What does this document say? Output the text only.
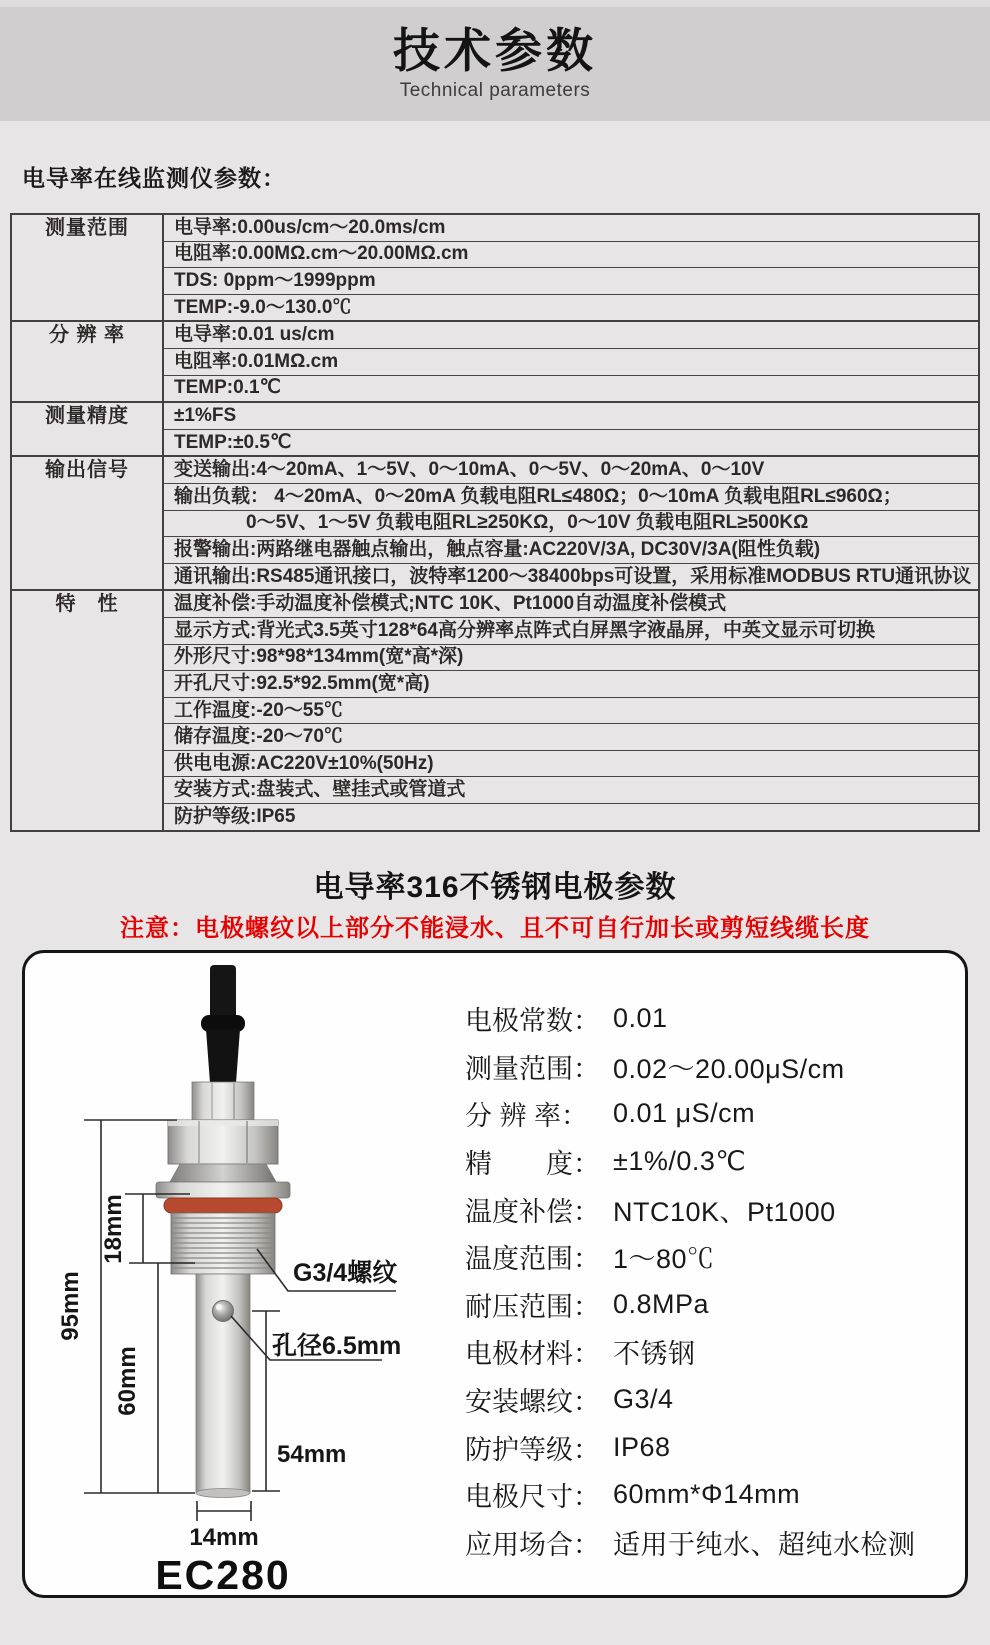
技术参数
Technical parameters
电导率在线监测仪参数：
测量范围	电导率:0.00us/cm～20.0ms/cm
	电阻率:0.00MΩ.cm～20.00MΩ.cm
	TDS: 0ppm～1999ppm
	TEMP:-9.0～130.0℃
分 辨 率	电导率:0.01 us/cm
	电阻率:0.01MΩ.cm
	TEMP:0.1℃
测量精度	±1%FS
	TEMP:±0.5℃
输出信号	变送输出:4～20mA、1～5V、0～10mA、0～5V、0～20mA、0～10V
	输出负载： 4～20mA、0～20mA 负载电阻RL≤480Ω；0～10mA 负载电阻RL≤960Ω；
	0～5V、1～5V 负载电阻RL≥250KΩ，0～10V 负载电阻RL≥500KΩ
	报警输出:两路继电器触点输出，触点容量:AC220V/3A, DC30V/3A(阻性负载)
	通讯输出:RS485通讯接口，波特率1200～38400bps可设置，采用标准MODBUS RTU通讯协议
特　性	温度补偿:手动温度补偿模式;NTC 10K、Pt1000自动温度补偿模式
	显示方式:背光式3.5英寸128*64高分辨率点阵式白屏黑字液晶屏，中英文显示可切换
	外形尺寸:98*98*134mm(宽*高*深)
	开孔尺寸:92.5*92.5mm(宽*高)
	工作温度:-20～55℃
	储存温度:-20～70℃
	供电电源:AC220V±10%(50Hz)
	安装方式:盘装式、壁挂式或管道式
	防护等级:IP65
电导率316不锈钢电极参数
注意：电极螺纹以上部分不能浸水、且不可自行加长或剪短线缆长度
95mm
18mm
60mm
54mm
14mm
G3/4螺纹
孔径6.5mm
EC280
电极常数： 0.01
测量范围： 0.02～20.00μS/cm
分 辨 率： 0.01 μS/cm
精　　度： ±1%/0.3℃
温度补偿： NTC10K、Pt1000
温度范围： 1～80℃
耐压范围： 0.8MPa
电极材料： 不锈钢
安装螺纹： G3/4
防护等级： IP68
电极尺寸： 60mm*Φ14mm
应用场合： 适用于纯水、超纯水检测
